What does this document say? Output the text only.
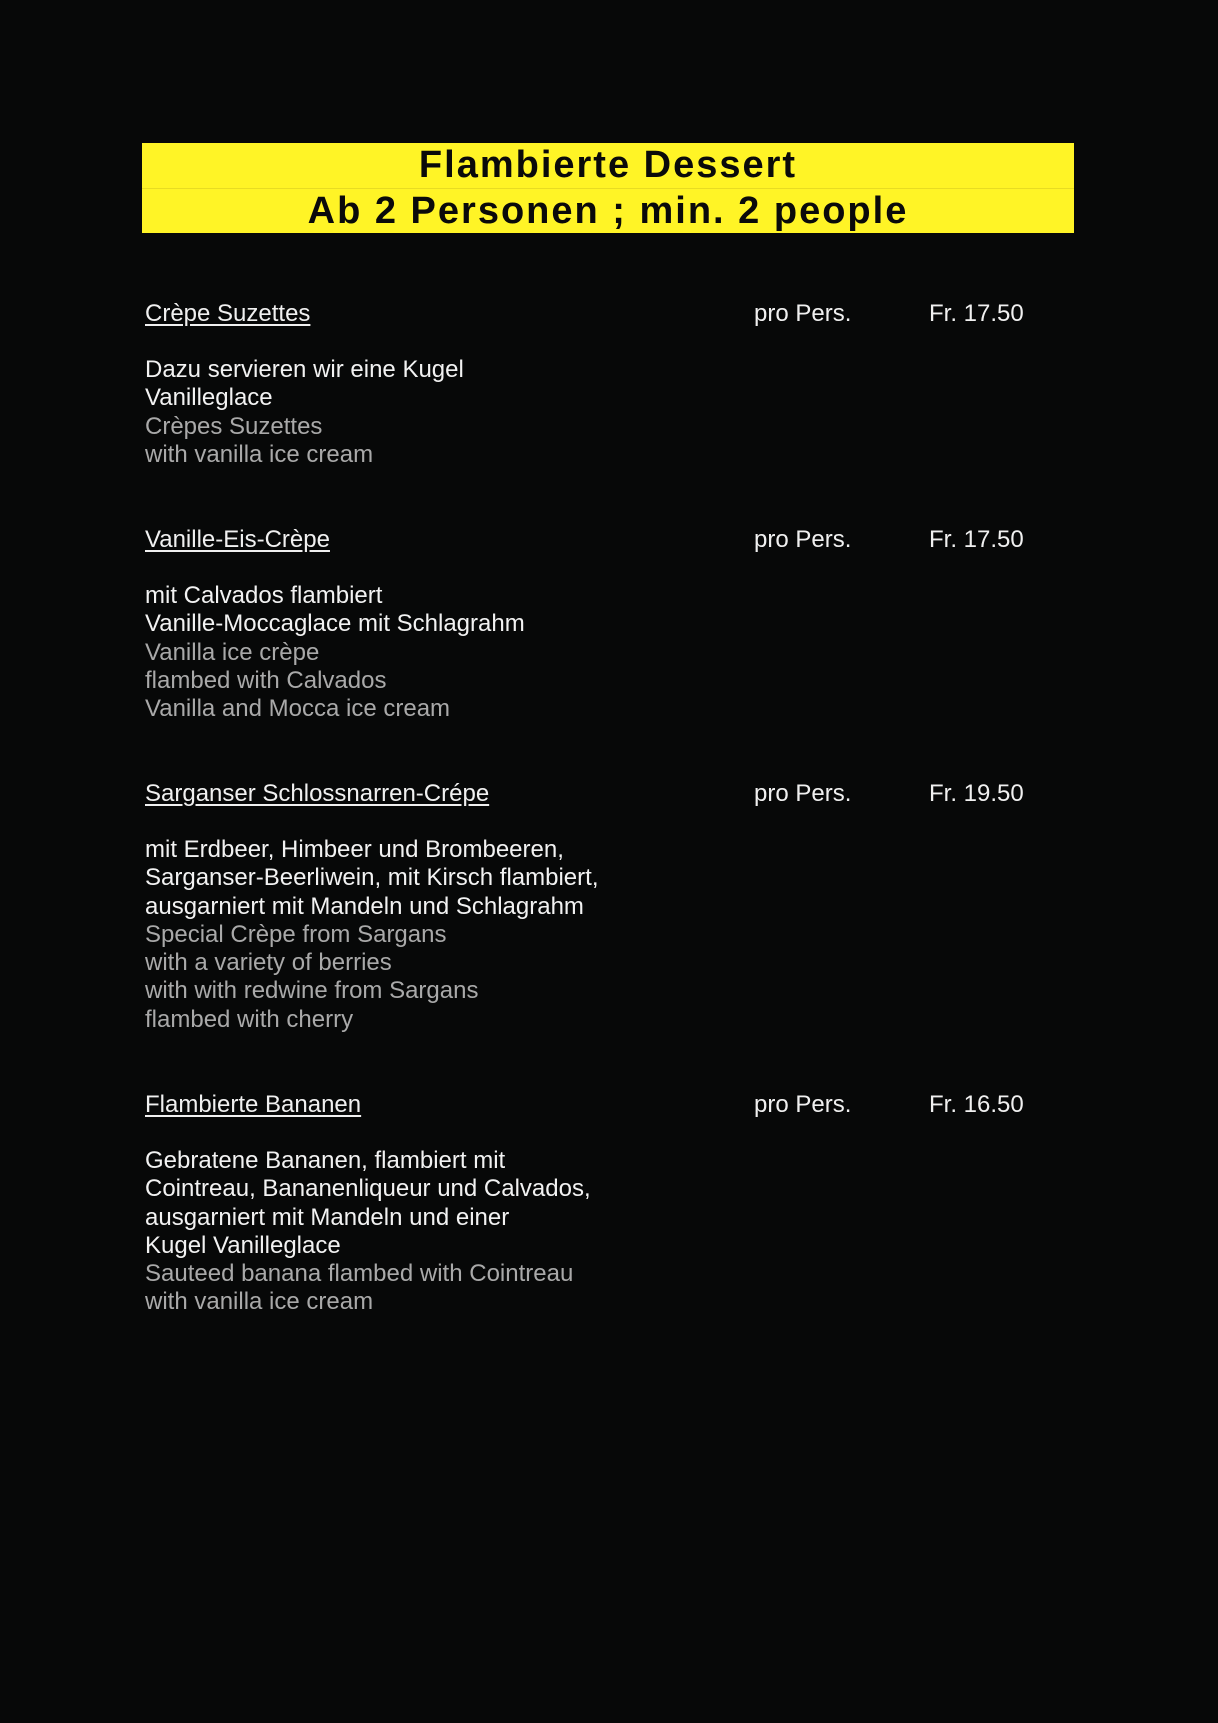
Flambierte Dessert
Ab 2 Personen ; min. 2 people
Crèpe Suzettes	pro Pers.	Fr. 17.50
Dazu servieren wir eine Kugel
Vanilleglace
Crèpes Suzettes
with vanilla ice cream
Vanille-Eis-Crèpe	pro Pers.	Fr. 17.50
mit Calvados flambiert
Vanille-Moccaglace mit Schlagrahm
Vanilla ice crèpe
flambed with Calvados
Vanilla and Mocca ice cream
Sarganser Schlossnarren-Crépe	pro Pers.	Fr. 19.50
mit Erdbeer, Himbeer und Brombeeren,
Sarganser-Beerliwein, mit Kirsch flambiert,
ausgarniert mit Mandeln und Schlagrahm
Special Crèpe from Sargans
with a variety of berries
with with redwine from Sargans
flambed with cherry
Flambierte Bananen	pro Pers.	Fr. 16.50
Gebratene Bananen, flambiert mit
Cointreau, Bananenliqueur und Calvados,
ausgarniert mit Mandeln und einer
Kugel Vanilleglace
Sauteed banana flambed with Cointreau
with vanilla ice cream
